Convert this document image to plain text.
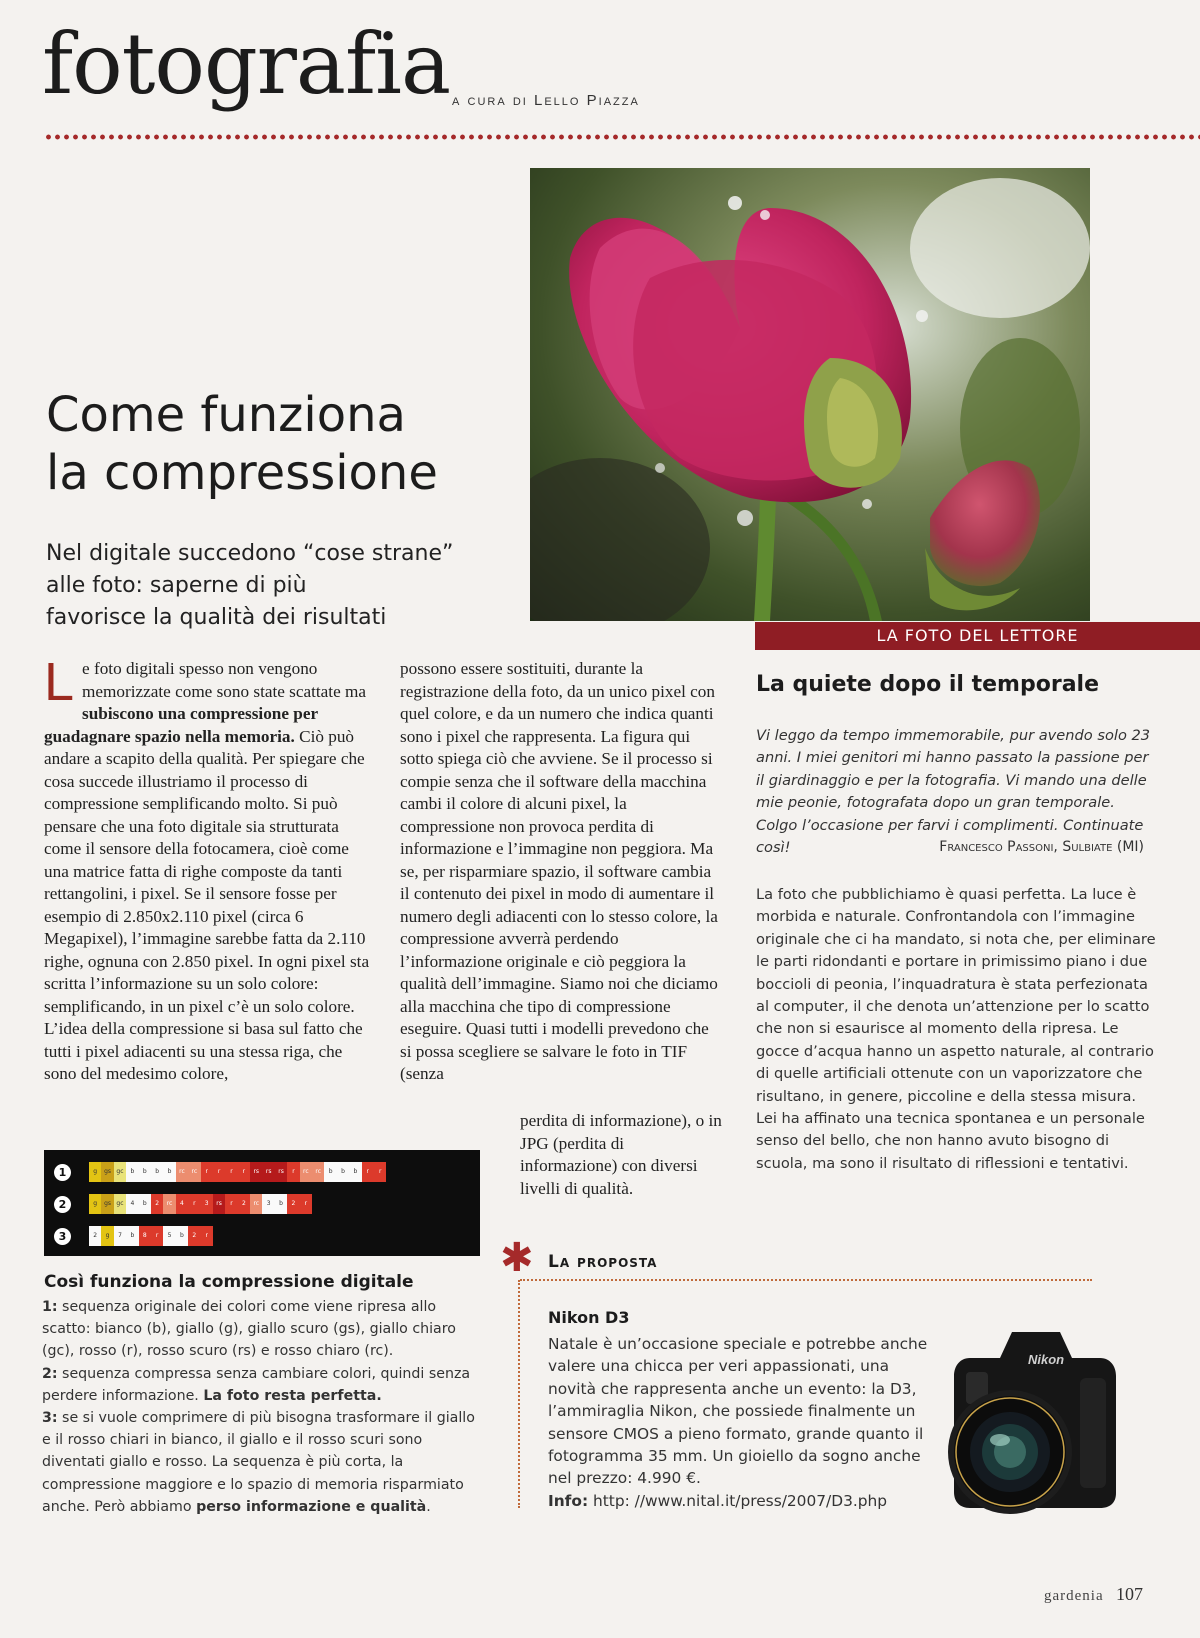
fotografia a cura di Lello Piazza
LA FOTO DEL LETTORE
Come funziona
la compressione
Nel digitale succedono “cose strane”
alle foto: saperne di più
favorisce la qualità dei risultati
Le foto digitali spesso non vengono memorizzate come sono state scattate ma subiscono una compressione per guadagnare spazio nella memoria. Ciò può andare a scapito della qualità. Per spiegare che cosa succede illustriamo il processo di compressione semplificando molto. Si può pensare che una foto digitale sia strutturata come il sensore della fotocamera, cioè come una matrice fatta di righe composte da tanti rettangolini, i pixel. Se il sensore fosse per esempio di 2.850x2.110 pixel (circa 6 Megapixel), l’immagine sarebbe fatta da 2.110 righe, ognuna con 2.850 pixel. In ogni pixel sta scritta l’informazione su un solo colore: semplificando, in un pixel c’è un solo colore. L’idea della compressione si basa sul fatto che tutti i pixel adiacenti su una stessa riga, che sono del medesimo colore,
possono essere sostituiti, durante la registrazione della foto, da un unico pixel con quel colore, e da un numero che indica quanti sono i pixel che rappresenta. La figura qui sotto spiega ciò che avviene. Se il processo si compie senza che il software della macchina cambi il colore di alcuni pixel, la compressione non provoca perdita di informazione e l’immagine non peggiora. Ma se, per risparmiare spazio, il software cambia il contenuto dei pixel in modo di aumentare il numero degli adiacenti con lo stesso colore, la compressione avverrà perdendo l’informazione originale e ciò peggiora la qualità dell’immagine. Siamo noi che diciamo alla macchina che tipo di compressione eseguire. Quasi tutti i modelli prevedono che si possa scegliere se salvare le foto in TIF (senza
perdita di informazione), o in JPG (perdita di informazione) con diversi livelli di qualità.
La quiete dopo il temporale
Vi leggo da tempo immemorabile, pur avendo solo 23 anni. I miei genitori mi hanno passato la passione per il giardinaggio e per la fotografia. Vi mando una delle mie peonie, fotografata dopo un gran temporale. Colgo l’occasione per farvi i complimenti. Continuate così!	Francesco Passoni, Sulbiate (MI)
La foto che pubblichiamo è quasi perfetta. La luce è morbida e naturale. Confrontandola con l’immagine originale che ci ha mandato, si nota che, per eliminare le parti ridondanti e portare in primissimo piano i due boccioli di peonia, l’inquadratura è stata perfezionata al computer, il che denota un’attenzione per lo scatto che non si esaurisce al momento della ripresa. Le gocce d’acqua hanno un aspetto naturale, al contrario di quelle artificiali ottenute con un vaporizzatore che risultano, in genere, piccoline e della stessa misura. Lei ha affinato una tecnica spontanea e un personale senso del bello, che non hanno avuto bisogno di scuola, ma sono il risultato di riflessioni e tentativi.
1	g	gs gc	b	b	b	b	rc	rc	r	r	r	r	rs	rs	rs	r	rc	rc	b	b	b	r	r
2	g	gs gc	4	b	2	rc	4	r	3	rs	r	2	rc	3	b	2	r
3	2	g	7	b	8	r	5	b	2	r
Così funziona la compressione digitale
1: sequenza originale dei colori come viene ripresa allo scatto: bianco (b), giallo (g), giallo scuro (gs), giallo chiaro (gc), rosso (r), rosso scuro (rs) e rosso chiaro (rc).
2: sequenza compressa senza cambiare colori, quindi senza perdere informazione. La foto resta perfetta.
3: se si vuole comprimere di più bisogna trasformare il giallo e il rosso chiari in bianco, il giallo e il rosso scuri sono diventati giallo e rosso. La sequenza è più corta, la compressione maggiore e lo spazio di memoria risparmiato anche. Però abbiamo perso informazione e qualità.
✱ La proposta
Nikon D3
Natale è un’occasione speciale e potrebbe anche valere una chicca per veri appassionati, una novità che rappresenta anche un evento: la D3, l’ammiraglia Nikon, che possiede finalmente un sensore CMOS a pieno formato, grande quanto il fotogramma 35 mm. Un gioiello da sogno anche nel prezzo: 4.990 €.
Info: http: //www.nital.it/press/2007/D3.php
Nikon
gardenia 107
